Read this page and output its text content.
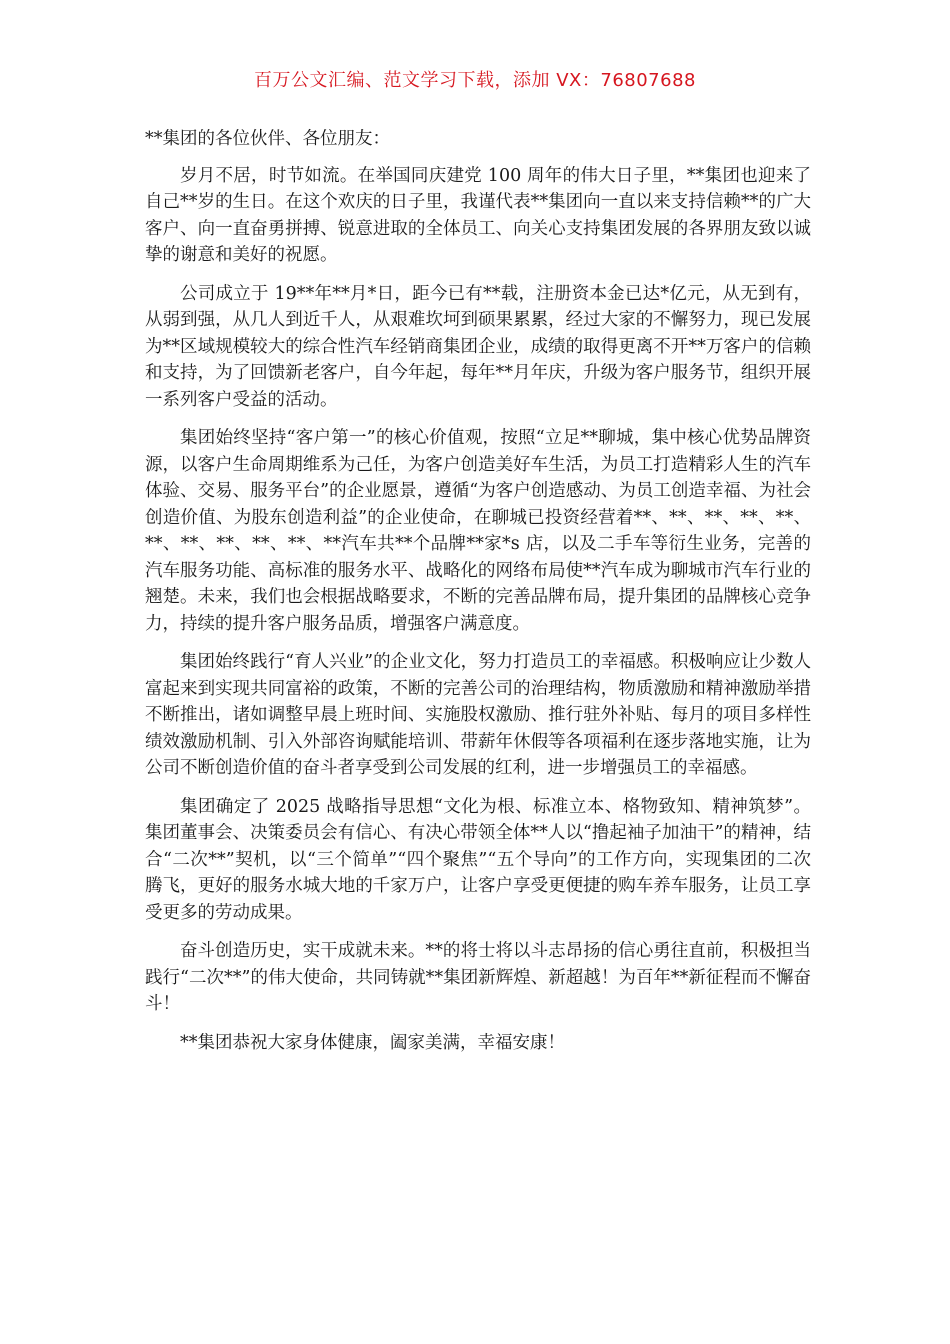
百万公文汇编、范文学习下载，添加 VX：76807688

**集团的各位伙伴、各位朋友：

岁月不居，时节如流。在举国同庆建党 100 周年的伟大日子里，**集团也迎来了自己**岁的生日。在这个欢庆的日子里，我谨代表**集团向一直以来支持信赖**的广大客户、向一直奋勇拼搏、锐意进取的全体员工、向关心支持集团发展的各界朋友致以诚挚的谢意和美好的祝愿。

公司成立于 19**年**月*日，距今已有**载，注册资本金已达*亿元，从无到有，从弱到强，从几人到近千人，从艰难坎坷到硕果累累，经过大家的不懈努力，现已发展为**区域规模较大的综合性汽车经销商集团企业，成绩的取得更离不开**万客户的信赖和支持，为了回馈新老客户，自今年起，每年**月年庆，升级为客户服务节，组织开展一系列客户受益的活动。

集团始终坚持“客户第一”的核心价值观，按照“立足**聊城，集中核心优势品牌资源，以客户生命周期维系为己任，为客户创造美好车生活，为员工打造精彩人生的汽车体验、交易、服务平台”的企业愿景，遵循“为客户创造感动、为员工创造幸福、为社会创造价值、为股东创造利益”的企业使命，在聊城已投资经营着**、**、**、**、**、**、**、**、**、**、**汽车共**个品牌**家*s 店，以及二手车等衍生业务，完善的汽车服务功能、高标准的服务水平、战略化的网络布局使**汽车成为聊城市汽车行业的翘楚。未来，我们也会根据战略要求，不断的完善品牌布局，提升集团的品牌核心竞争力，持续的提升客户服务品质，增强客户满意度。

集团始终践行“育人兴业”的企业文化，努力打造员工的幸福感。积极响应让少数人富起来到实现共同富裕的政策，不断的完善公司的治理结构，物质激励和精神激励举措不断推出，诸如调整早晨上班时间、实施股权激励、推行驻外补贴、每月的项目多样性绩效激励机制、引入外部咨询赋能培训、带薪年休假等各项福利在逐步落地实施，让为公司不断创造价值的奋斗者享受到公司发展的红利，进一步增强员工的幸福感。

集团确定了 2025 战略指导思想“文化为根、标准立本、格物致知、精神筑梦”。集团董事会、决策委员会有信心、有决心带领全体**人以“撸起袖子加油干”的精神，结合“二次**”契机，以“三个简单”“四个聚焦”“五个导向”的工作方向，实现集团的二次腾飞，更好的服务水城大地的千家万户，让客户享受更便捷的购车养车服务，让员工享受更多的劳动成果。

奋斗创造历史，实干成就未来。**的将士将以斗志昂扬的信心勇往直前，积极担当践行“二次**”的伟大使命，共同铸就**集团新辉煌、新超越！为百年**新征程而不懈奋斗！

**集团恭祝大家身体健康，阖家美满，幸福安康！
